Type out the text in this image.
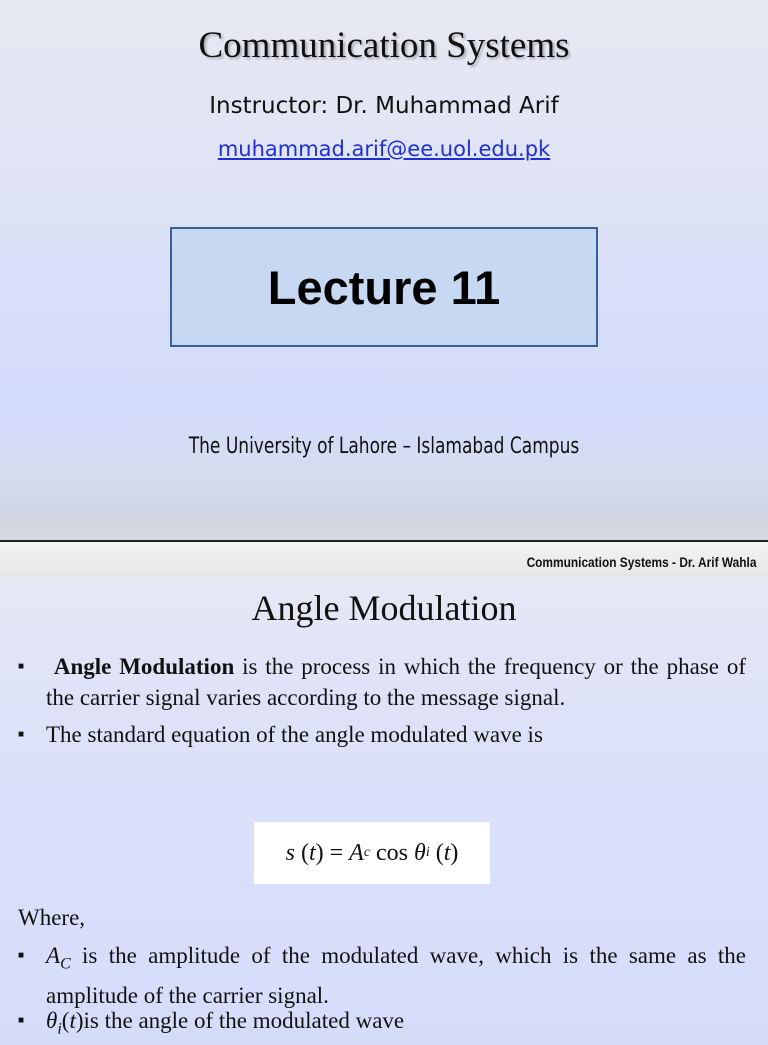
Communication Systems
Instructor: Dr. Muhammad Arif
muhammad.arif@ee.uol.edu.pk
Lecture 11
The University of Lahore – Islamabad Campus
Communication Systems - Dr. Arif Wahla
Angle Modulation
■	Angle Modulation is the process in which the frequency or the phase of the carrier signal varies according to the message signal.
■ The standard equation of the angle modulated wave is
s ( t ) = A c cos θ i ( t )
Where,
■ $A_C$ is the amplitude of the modulated wave, which is the same as the amplitude of the carrier signal.
■ $\theta_i(t)is$ the angle of the modulated wave
